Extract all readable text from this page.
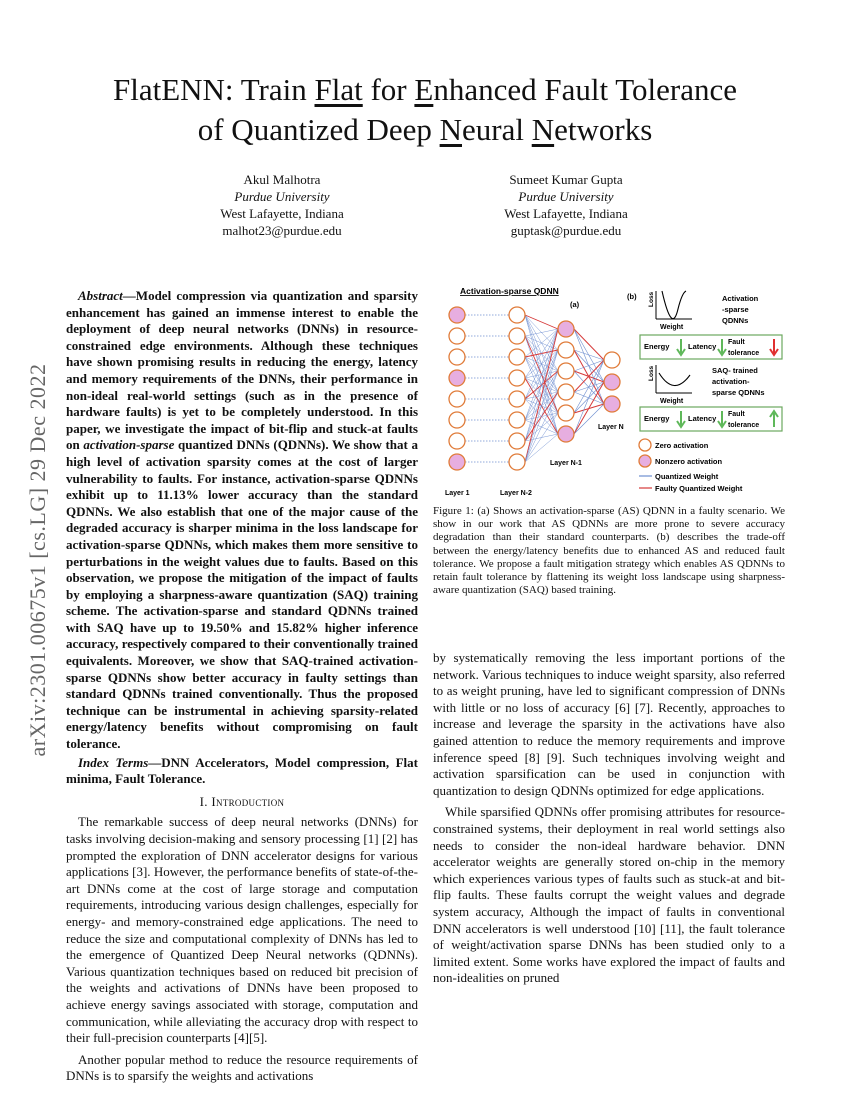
FlatENN: Train Flat for Enhanced Fault Tolerance
of Quantized Deep Neural Networks
Akul Malhotra
Purdue University
West Lafayette, Indiana
malhot23@purdue.edu
Sumeet Kumar Gupta
Purdue University
West Lafayette, Indiana
guptask@purdue.edu
arXiv:2301.00675v1 [cs.LG] 29 Dec 2022

Abstract—Model compression via quantization and sparsity enhancement has gained an immense interest to enable the deployment of deep neural networks (DNNs) in resource-constrained edge environments. Although these techniques have shown promising results in reducing the energy, latency and memory requirements of the DNNs, their performance in non-ideal real-world settings (such as in the presence of hardware faults) is yet to be completely understood. In this paper, we investigate the impact of bit-flip and stuck-at faults on activation-sparse quantized DNNs (QDNNs). We show that a high level of activation sparsity comes at the cost of larger vulnerability to faults. For instance, activation-sparse QDNNs exhibit up to 11.13% lower accuracy than the standard QDNNs. We also establish that one of the major cause of the degraded accuracy is sharper minima in the loss landscape for activation-sparse QDNNs, which makes them more sensitive to perturbations in the weight values due to faults. Based on this observation, we propose the mitigation of the impact of faults by employing a sharpness-aware quantization (SAQ) training scheme. The activation-sparse and standard QDNNs trained with SAQ have up to 19.50% and 15.82% higher inference accuracy, respectively compared to their conventionally trained equivalents. Moreover, we show that SAQ-trained activation-sparse QDNNs show better accuracy in faulty settings than standard QDNNs trained conventionally. Thus the proposed technique can be instrumental in achieving sparsity-related energy/latency benefits without compromising on fault tolerance.

Index Terms—DNN Accelerators, Model compression, Flat minima, Fault Tolerance.

I. Introduction

The remarkable success of deep neural networks (DNNs) for tasks involving decision-making and sensory processing [1] [2] has prompted the exploration of DNN accelerator designs for various applications [3]. However, the performance benefits of state-of-the-art DNNs come at the cost of large storage and computation requirements, introducing various design challenges, especially for energy- and memory-constrained edge applications. The need to reduce the size and computational complexity of DNNs has led to the emergence of Quantized Deep Neural networks (QDNNs). Various quantization techniques based on reduced bit precision of the weights and activations of DNNs have been proposed to achieve energy savings associated with storage, computation and communication, while alleviating the accuracy drop with respect to their full-precision counterparts [4][5].

Another popular method to reduce the resource requirements of DNNs is to sparsify the weights and activations

Activation-sparse QDNN
(a)
(b)
Layer 1	Layer N-2
Layer N-1
Layer N
Zero activation
Nonzero activation
Quantized Weight
Faulty Quantized Weight
Loss
Weight
Activation
-sparse
QDNNs
Energy Latency Fault
tolerance
Loss
Weight
SAQ- trained
activation-
sparse QDNNs
Energy Latency Fault
tolerance
Figure 1: (a) Shows an activation-sparse (AS) QDNN in a faulty scenario. We show in our work that AS QDNNs are more prone to severe accuracy degradation than their standard counterparts. (b) describes the trade-off between the energy/latency benefits due to enhanced AS and reduced fault tolerance. We propose a fault mitigation strategy which enables AS QDNNs to retain fault tolerance by flattening its weight loss landscape using sharpness-aware quantization (SAQ) based training.

by systematically removing the less important portions of the network. Various techniques to induce weight sparsity, also referred to as weight pruning, have led to significant compression of DNNs with little or no loss of accuracy [6] [7]. Recently, approaches to increase and leverage the sparsity in the activations have also gained attention to reduce the memory requirements and improve inference speed [8] [9]. Such techniques involving weight and activation sparsification can be used in conjunction with quantization to design QDNNs optimized for edge applications.

While sparsified QDNNs offer promising attributes for resource-constrained systems, their deployment in real world settings also needs to consider the non-ideal hardware behavior. DNN accelerator weights are generally stored on-chip in the memory which experiences various types of faults such as stuck-at and bit-flip faults. These faults corrupt the weight values and degrade system accuracy, Although the impact of faults in conventional DNN accelerators is well understood [10] [11], the fault tolerance of weight/activation sparse DNNs has been studied only to a limited extent. Some works have explored the impact of faults and non-idealities on pruned
